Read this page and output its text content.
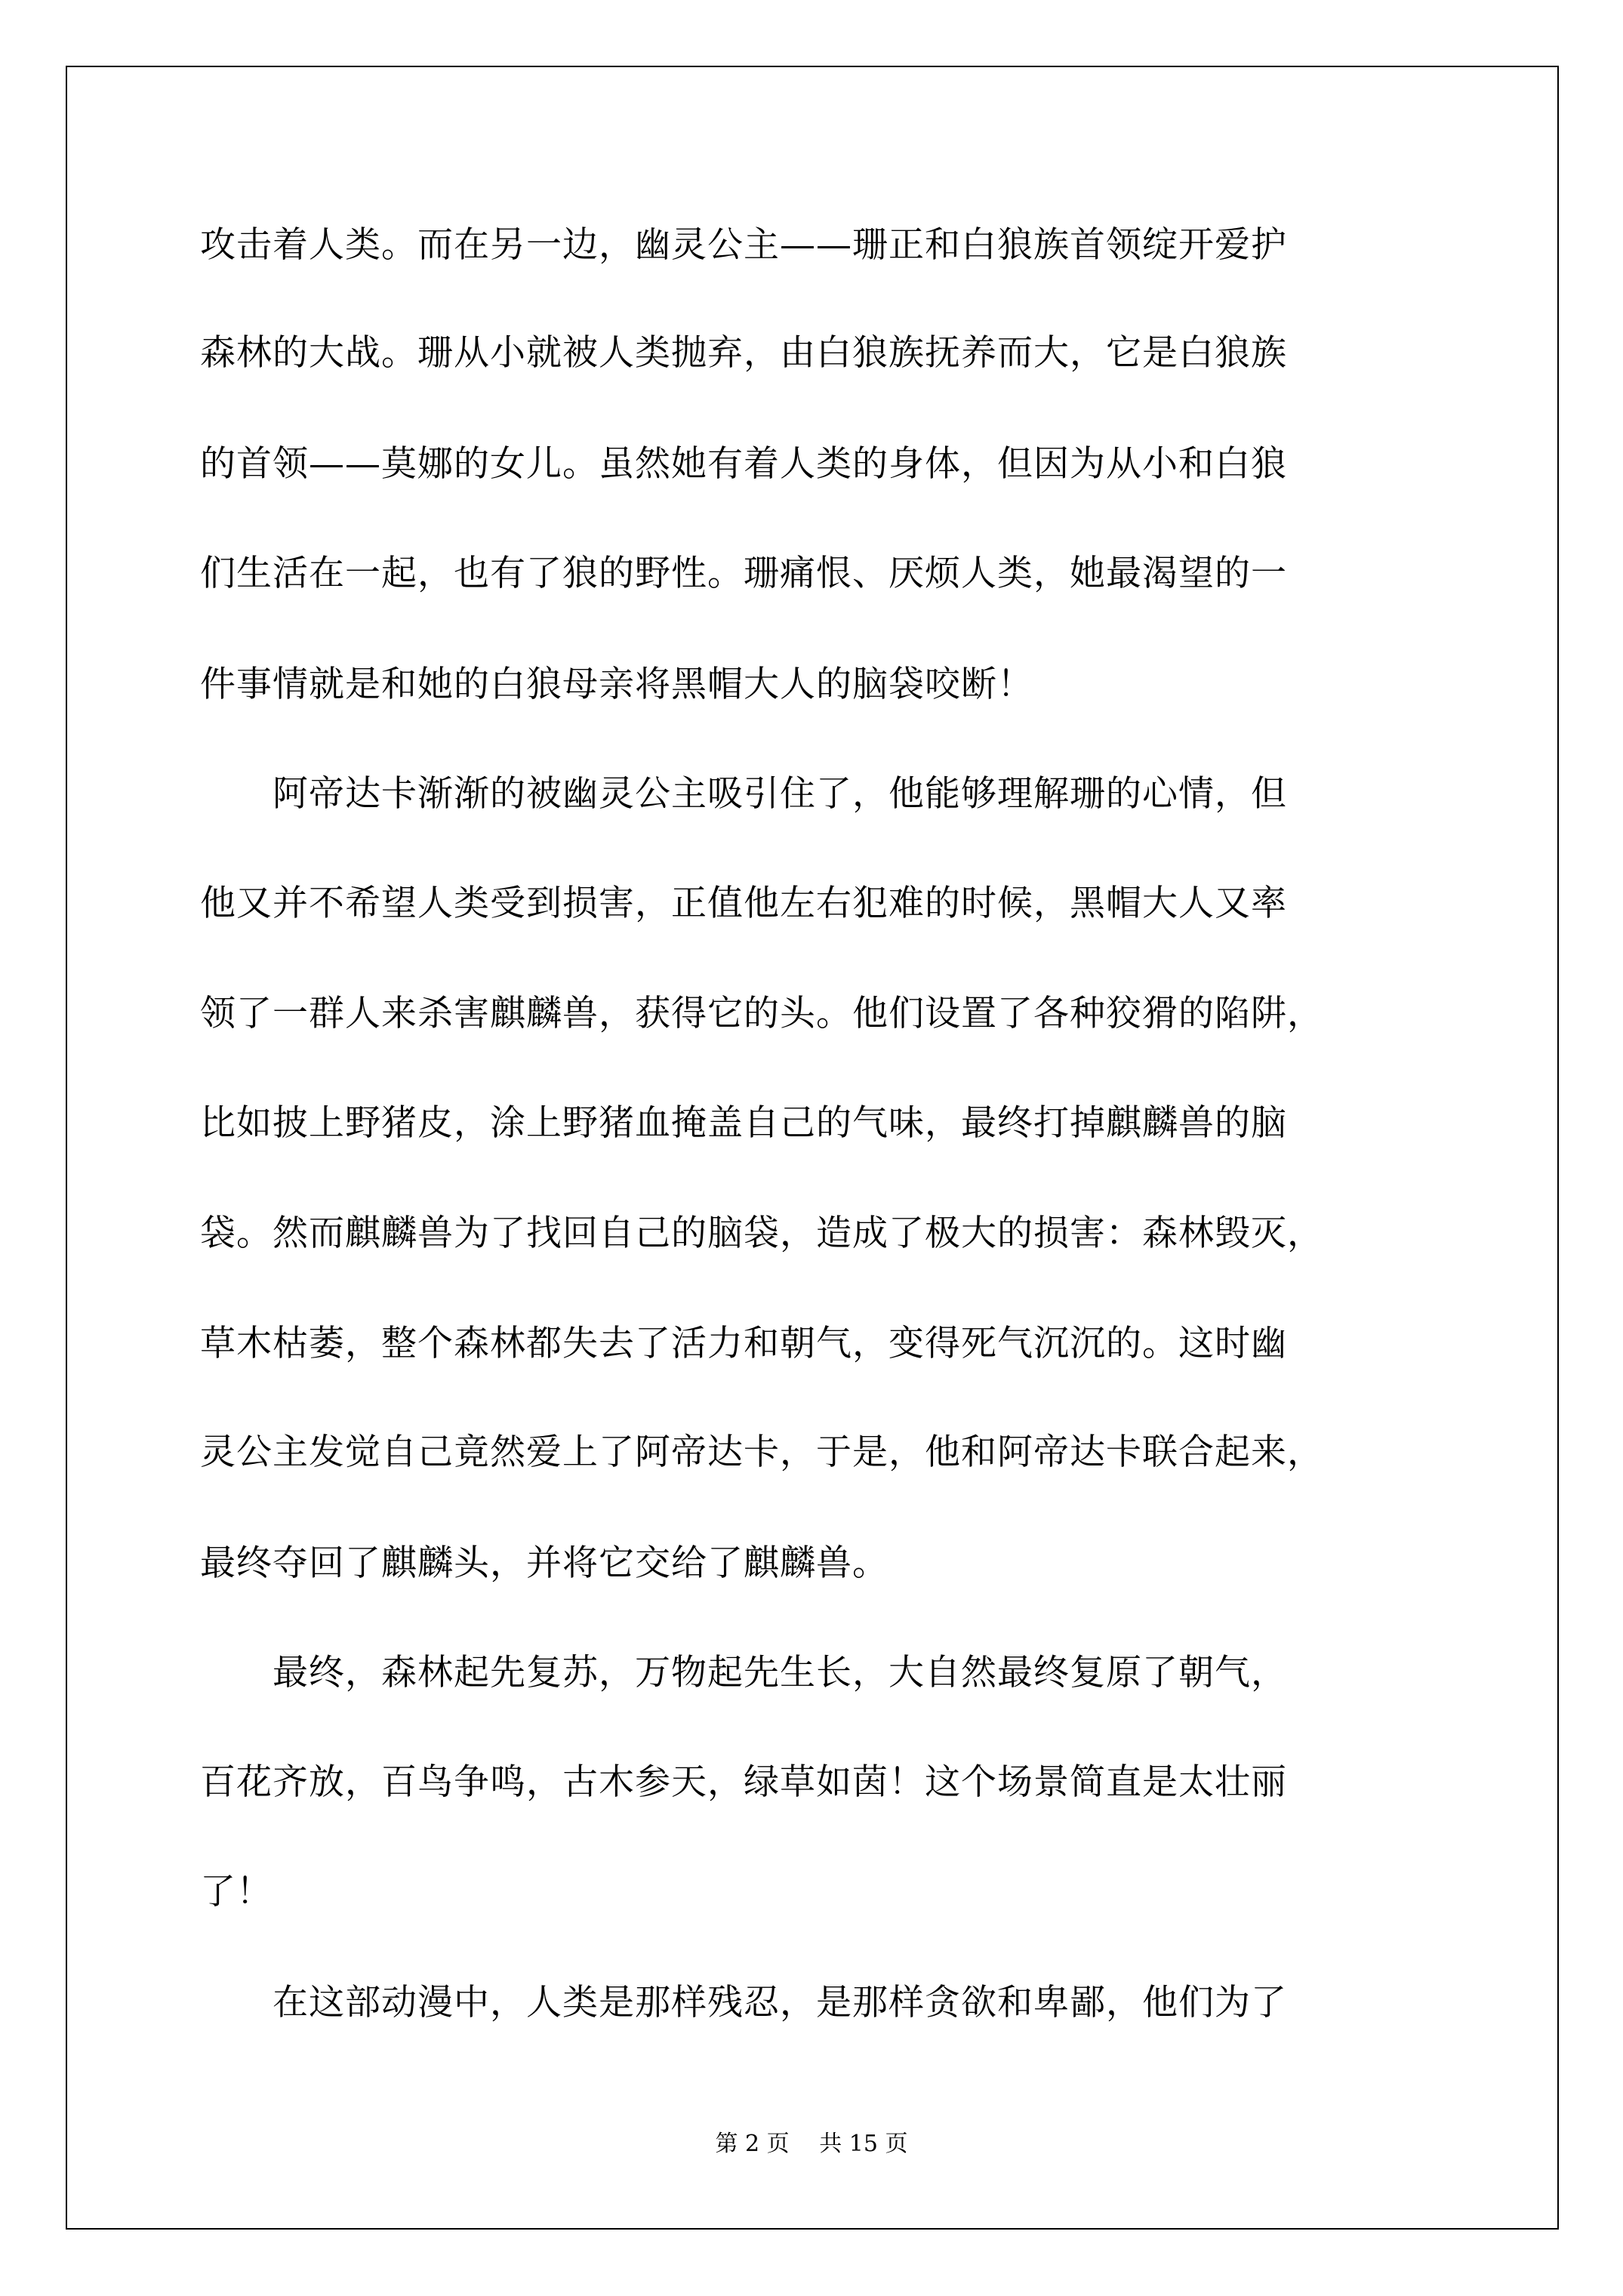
攻击着人类。而在另一边，幽灵公主——珊正和白狼族首领绽开爱护
森林的大战。珊从小就被人类抛弃，由白狼族抚养而大，它是白狼族
的首领——莫娜的女儿。虽然她有着人类的身体，但因为从小和白狼
们生活在一起，也有了狼的野性。珊痛恨、厌烦人类，她最渴望的一
件事情就是和她的白狼母亲将黑帽大人的脑袋咬断！
　　阿帝达卡渐渐的被幽灵公主吸引住了，他能够理解珊的心情，但
他又并不希望人类受到损害，正值他左右犯难的时候，黑帽大人又率
领了一群人来杀害麒麟兽，获得它的头。他们设置了各种狡猾的陷阱，
比如披上野猪皮，涂上野猪血掩盖自己的气味，最终打掉麒麟兽的脑
袋。然而麒麟兽为了找回自己的脑袋，造成了极大的损害：森林毁灭，
草木枯萎，整个森林都失去了活力和朝气，变得死气沉沉的。这时幽
灵公主发觉自己竟然爱上了阿帝达卡，于是，他和阿帝达卡联合起来，
最终夺回了麒麟头，并将它交给了麒麟兽。
　　最终，森林起先复苏，万物起先生长，大自然最终复原了朝气，
百花齐放，百鸟争鸣，古木参天，绿草如茵！这个场景简直是太壮丽
了！
　　在这部动漫中，人类是那样残忍，是那样贪欲和卑鄙，他们为了
第 2 页　 共 15 页
